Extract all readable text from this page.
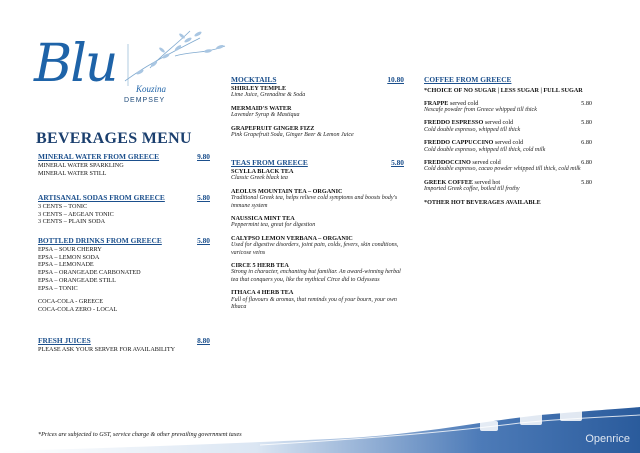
Blu Kouzina
DEMPSEY
BEVERAGES MENU
MINERAL WATER FROM GREECE	9.80
MINERAL WATER SPARKLING
MINERAL WATER STILL
ARTISANAL SODAS FROM GREECE	5.80
3 CENTS – TONIC
3 CENTS – AEGEAN TONIC
3 CENTS – PLAIN SODA
BOTTLED DRINKS FROM GREECE	5.80
EPSA – SOUR CHERRY
EPSA – LEMON SODA
EPSA – LEMONADE
EPSA – ORANGEADE CARBONATED
EPSA – ORANGEADE STILL
EPSA – TONIC
COCA-COLA - GREECE
COCA-COLA ZERO - LOCAL
FRESH JUICES	8.80
PLEASE ASK YOUR SERVER FOR AVAILABILITY
MOCKTAILS	10.80
SHIRLEY TEMPLE
Lime Juice, Grenadine & Soda
MERMAID'S WATER
Lavender Syrup & Mastiqua
GRAPEFRUIT GINGER FIZZ
Pink Grapefruit Soda, Ginger Beer & Lemon Juice
TEAS FROM GREECE	5.80
SCYLLA BLACK TEA
Classic Greek black tea
AEOLUS MOUNTAIN TEA – ORGANIC
Traditional Greek tea, helps relieve cold symptoms and boosts body's immune system
NAUSSICA MINT TEA
Peppermint tea, great for digestion
CALYPSO LEMON VERBANA – ORGANIC
Used for digestive disorders, joint pain, colds, fevers, skin conditions, varicose veins
CIRCE 5 HERB TEA
Strong in character, enchanting but familiar. An award-winning herbal tea that conquers you, like the mythical Circe did to Odysseus
ITHACA 4 HERB TEA
Full of flavours & aromas, that reminds you of your bourn, your own Ithaca
COFFEE FROM GREECE
*CHOICE OF NO SUGAR | LESS SUGAR | FULL SUGAR
FRAPPE served cold	5.80
Nescafe powder from Greece whipped till thick
FREDDO ESPRESSO served cold	5.80
Cold double espresso, whipped till thick
FREDDO CAPPUCCINO served cold	6.80
Cold double espresso, whipped till thick, cold milk
FREDDOCCINO served cold	6.80
Cold double espresso, cacao powder whipped till thick, cold milk
GREEK COFFEE served hot	5.80
Imported Greek coffee, boiled till frothy
*OTHER HOT BEVERAGES AVAILABLE
*Prices are subjected to GST, service charge & other prevailing government taxes	Openrice
